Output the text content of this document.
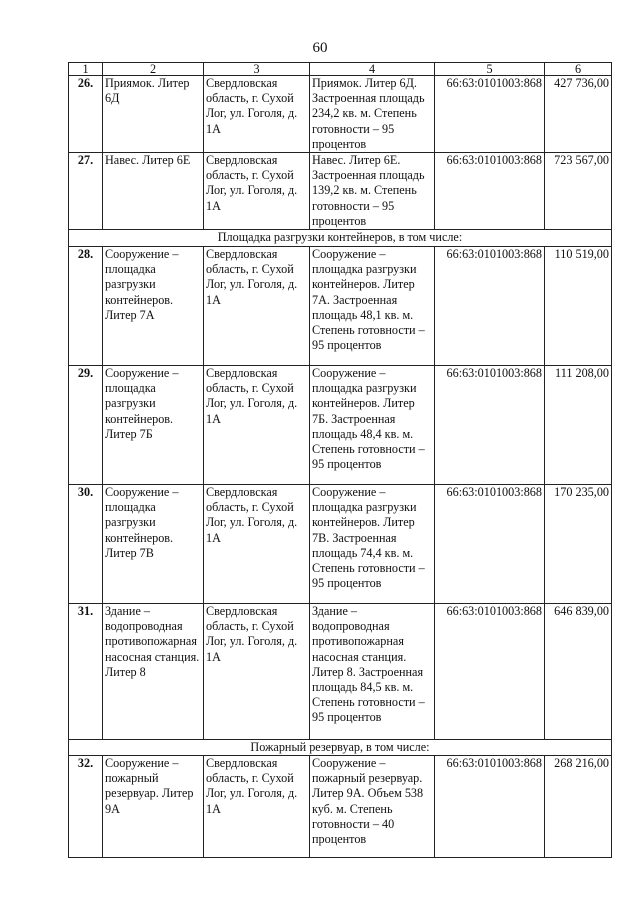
60
1	2	3	4	5	6
26.	Приямок. Литер 6Д	Свердловская область, г. Сухой Лог, ул. Гоголя, д. 1А	Приямок. Литер 6Д. Застроенная площадь 234,2 кв. м. Степень готовности – 95 процентов	66:63:0101003:868	427 736,00
27.	Навес. Литер 6Е	Свердловская область, г. Сухой Лог, ул. Гоголя, д. 1А	Навес. Литер 6Е. Застроенная площадь 139,2 кв. м. Степень готовности – 95 процентов	66:63:0101003:868	723 567,00
Площадка разгрузки контейнеров, в том числе:					
28.	Сооружение – площадка разгрузки контейнеров. Литер 7А	Свердловская область, г. Сухой Лог, ул. Гоголя, д. 1А	Сооружение – площадка разгрузки контейнеров. Литер 7А. Застроенная площадь 48,1 кв. м. Степень готовности – 95 процентов	66:63:0101003:868	110 519,00
29.	Сооружение – площадка разгрузки контейнеров. Литер 7Б	Свердловская область, г. Сухой Лог, ул. Гоголя, д. 1А	Сооружение – площадка разгрузки контейнеров. Литер 7Б. Застроенная площадь 48,4 кв. м. Степень готовности – 95 процентов	66:63:0101003:868	111 208,00
30.	Сооружение – площадка разгрузки контейнеров. Литер 7В	Свердловская область, г. Сухой Лог, ул. Гоголя, д. 1А	Сооружение – площадка разгрузки контейнеров. Литер 7В. Застроенная площадь 74,4 кв. м. Степень готовности – 95 процентов	66:63:0101003:868	170 235,00
31.	Здание – водопроводная противопожарная насосная станция. Литер 8	Свердловская область, г. Сухой Лог, ул. Гоголя, д. 1А	Здание – водопроводная противопожарная насосная станция. Литер 8. Застроенная площадь 84,5 кв. м. Степень готовности – 95 процентов	66:63:0101003:868	646 839,00
Пожарный резервуар, в том числе:					
32.	Сооружение – пожарный резервуар. Литер 9А	Свердловская область, г. Сухой Лог, ул. Гоголя, д. 1А	Сооружение – пожарный резервуар. Литер 9А. Объем 538 куб. м. Степень готовности – 40 процентов	66:63:0101003:868	268 216,00
